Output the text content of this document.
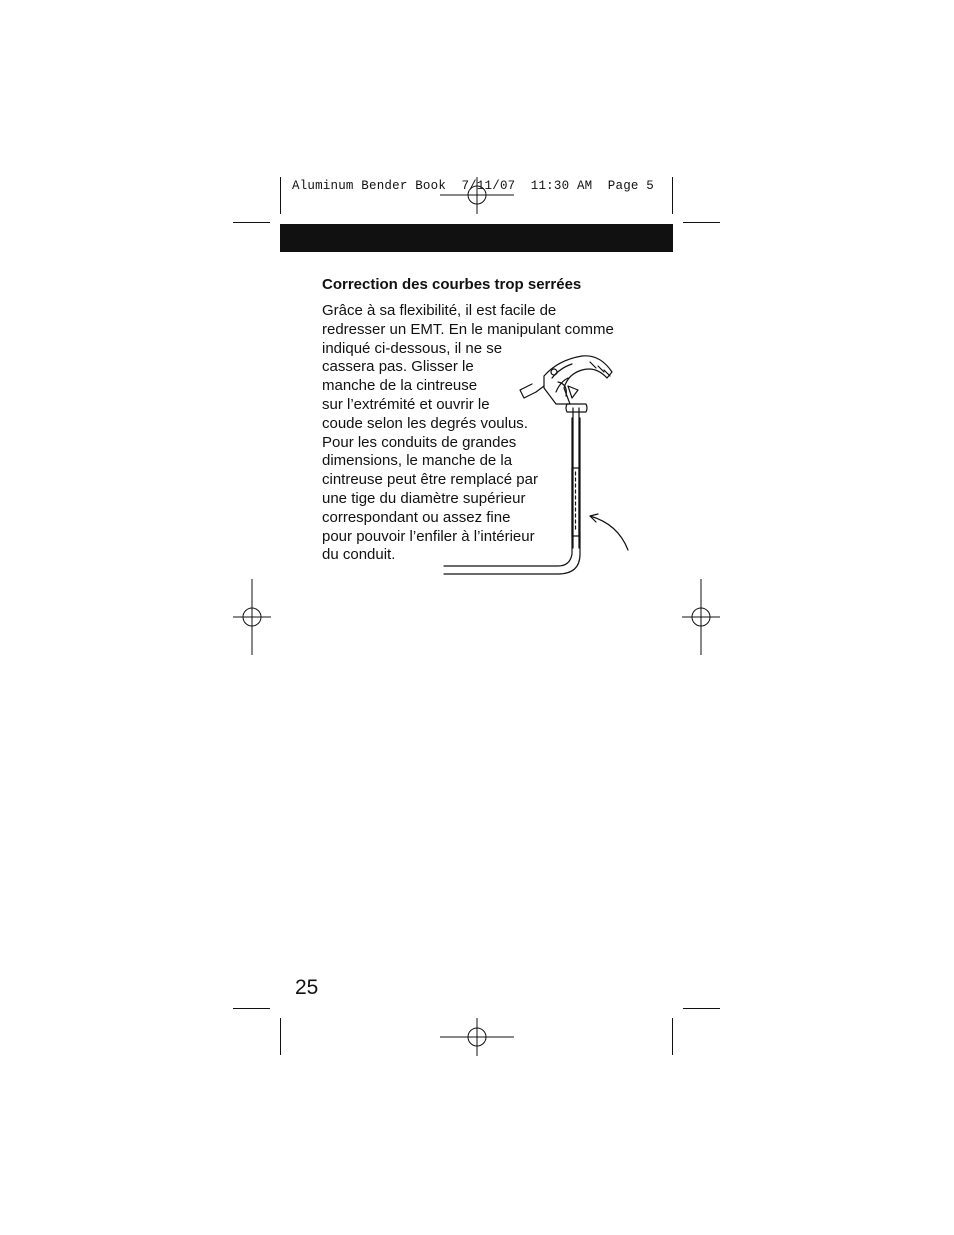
Aluminum Bender Book 7/11/07 11:30 AM Page 5
Correction des courbes trop serrées
Grâce à sa flexibilité, il est facile de
redresser un EMT. En le manipulant comme
indiqué ci-dessous, il ne se
cassera pas. Glisser le
manche de la cintreuse
sur l’extrémité et ouvrir le
coude selon les degrés voulus.
Pour les conduits de grandes
dimensions, le manche de la
cintreuse peut être remplacé par
une tige du diamètre supérieur
correspondant ou assez fine
pour pouvoir l’enfiler à l’intérieur
du conduit.
25
